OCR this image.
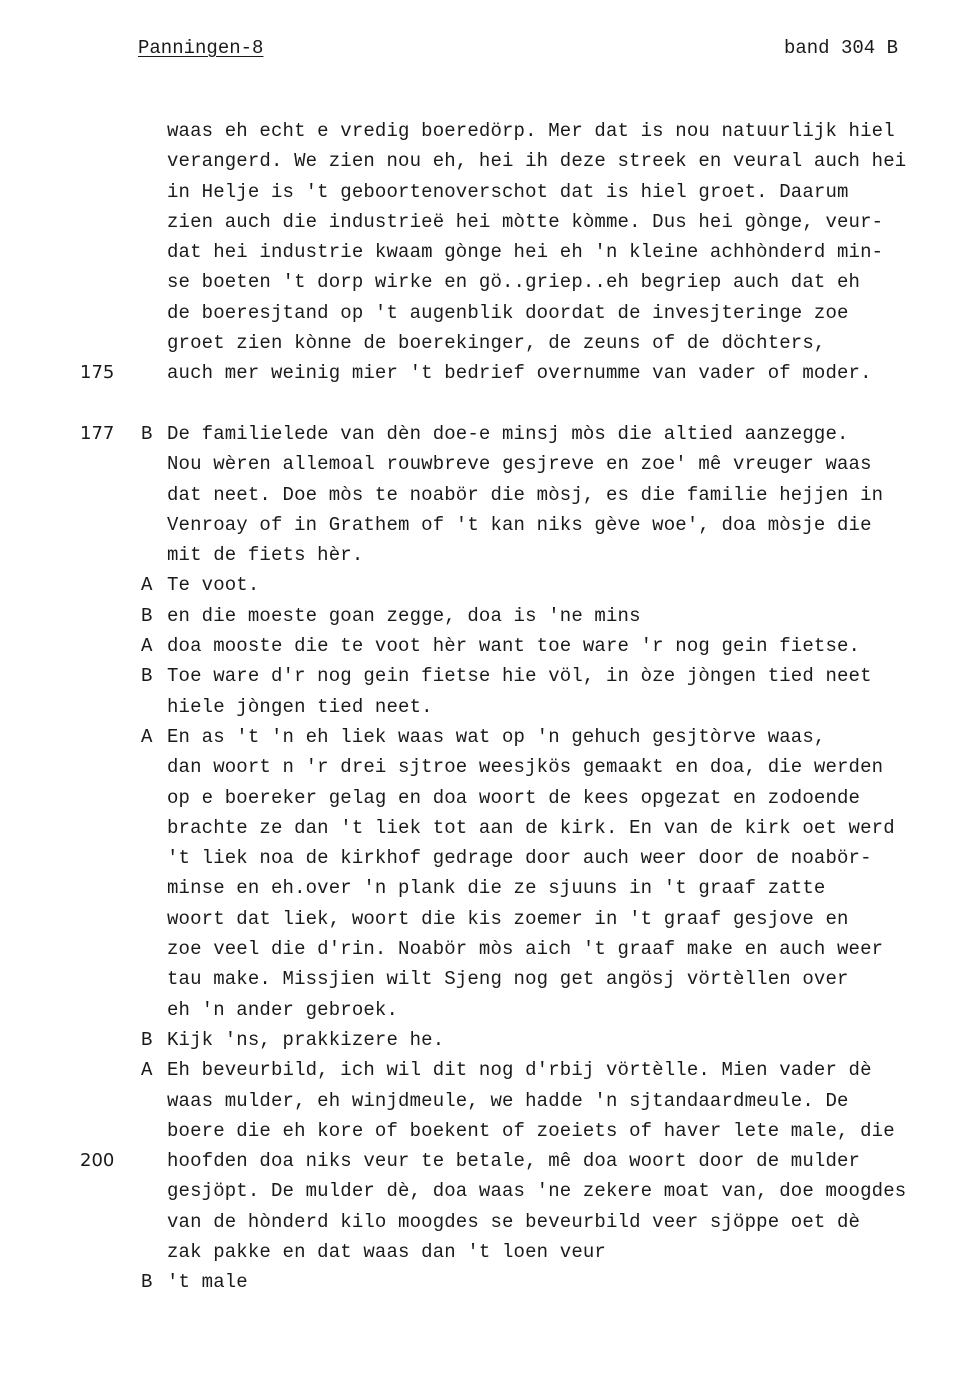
Panningen-8	band 304 B
waas eh echt e vredig boeredörp. Mer dat is nou natuurlijk hiel
verangerd. We zien nou eh, hei ih deze streek en veural auch hei
in Helje is 't geboortenoverschot dat is hiel groet. Daarum
zien auch die industrieë hei mòtte kòmme. Dus hei gònge, veur-
dat hei industrie kwaam gònge hei eh 'n kleine achhònderd min-
se boeten 't dorp wirke en gö..griep..eh begriep auch dat eh
de boeresjtand op 't augenblik doordat de invesjteringe zoe
groet zien kònne de boerekinger, de zeuns of de döchters,
175	auch mer weinig mier 't bedrief overnumme van vader of moder.
177 B De familielede van dèn doe-e minsj mòs die altied aanzegge.
Nou wèren allemoal rouwbreve gesjreve en zoe' mê vreuger waas
dat neet. Doe mòs te noabör die mòsj, es die familie hejjen in
Venroay of in Grathem of 't kan niks gève woe', doa mòsje die
mit de fiets hèr.
A Te voot.
B en die moeste goan zegge, doa is 'ne mins
A doa mooste die te voot hèr want toe ware 'r nog gein fietse.
B Toe ware d'r nog gein fietse hie völ, in òze jòngen tied neet
hiele jòngen tied neet.
A En as 't 'n eh liek waas wat op 'n gehuch gesjtòrve waas,
dan woort n 'r drei sjtroe weesjkös gemaakt en doa, die werden
op e boereker gelag en doa woort de kees opgezat en zodoende
brachte ze dan 't liek tot aan de kirk. En van de kirk oet werd
't liek noa de kirkhof gedrage door auch weer door de noabör-
minse en eh.over 'n plank die ze sjuuns in 't graaf zatte
woort dat liek, woort die kis zoemer in 't graaf gesjove en
zoe veel die d'rin. Noabör mòs aich 't graaf make en auch weer
tau make. Missjien wilt Sjeng nog get angösj vörtèllen over
eh 'n ander gebroek.
B Kijk 'ns, prakkizere he.
A Eh beveurbild, ich wil dit nog d'rbij vörtèlle. Mien vader dè
waas mulder, eh winjdmeule, we hadde 'n sjtandaardmeule. De
boere die eh kore of boekent of zoeiets of haver lete male, die
200	hoofden doa niks veur te betale, mê doa woort door de mulder
gesjöpt. De mulder dè, doa waas 'ne zekere moat van, doe moogdes
van de hònderd kilo moogdes se beveurbild veer sjöppe oet dè
zak pakke en dat waas dan 't loen veur
B 't male
